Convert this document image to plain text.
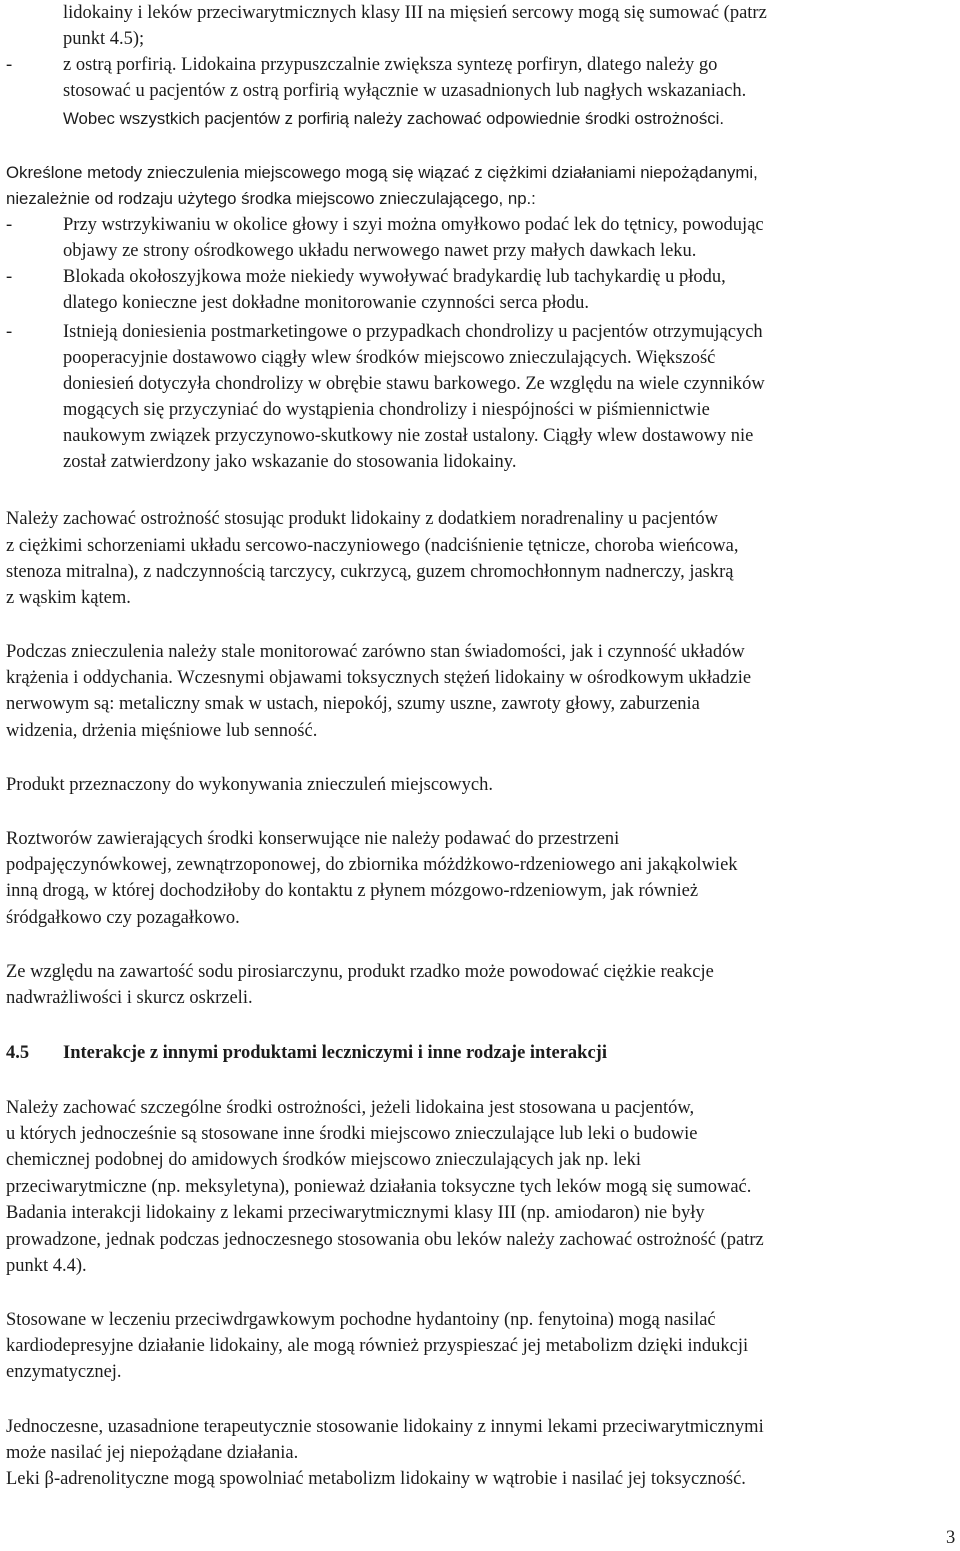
lidokainy i leków przeciwarytmicznych klasy III na mięsień sercowy mogą się sumować (patrz
punkt 4.5);
-	z ostrą porfirią. Lidokaina przypuszczalnie zwiększa syntezę porfiryn, dlatego należy go
stosować u pacjentów z ostrą porfirią wyłącznie w uzasadnionych lub nagłych wskazaniach.
Wobec wszystkich pacjentów z porfirią należy zachować odpowiednie środki ostrożności.
Określone metody znieczulenia miejscowego mogą się wiązać z ciężkimi działaniami niepożądanymi,
niezależnie od rodzaju użytego środka miejscowo znieczulającego, np.:
-	Przy wstrzykiwaniu w okolice głowy i szyi można omyłkowo podać lek do tętnicy, powodując
objawy ze strony ośrodkowego układu nerwowego nawet przy małych dawkach leku.
-	Blokada okołoszyjkowa może niekiedy wywoływać bradykardię lub tachykardię u płodu,
dlatego konieczne jest dokładne monitorowanie czynności serca płodu.
-	Istnieją doniesienia postmarketingowe o przypadkach chondrolizy u pacjentów otrzymujących
pooperacyjnie dostawowo ciągły wlew środków miejscowo znieczulających. Większość
doniesień dotyczyła chondrolizy w obrębie stawu barkowego. Ze względu na wiele czynników
mogących się przyczyniać do wystąpienia chondrolizy i niespójności w piśmiennictwie
naukowym związek przyczynowo-skutkowy nie został ustalony. Ciągły wlew dostawowy nie
został zatwierdzony jako wskazanie do stosowania lidokainy.
Należy zachować ostrożność stosując produkt lidokainy z dodatkiem noradrenaliny u pacjentów
z ciężkimi schorzeniami układu sercowo-naczyniowego (nadciśnienie tętnicze, choroba wieńcowa,
stenoza mitralna), z nadczynnością tarczycy, cukrzycą, guzem chromochłonnym nadnerczy, jaskrą
z wąskim kątem.
Podczas znieczulenia należy stale monitorować zarówno stan świadomości, jak i czynność układów
krążenia i oddychania. Wczesnymi objawami toksycznych stężeń lidokainy w ośrodkowym układzie
nerwowym są: metaliczny smak w ustach, niepokój, szumy uszne, zawroty głowy, zaburzenia
widzenia, drżenia mięśniowe lub senność.
Produkt przeznaczony do wykonywania znieczuleń miejscowych.
Roztworów zawierających środki konserwujące nie należy podawać do przestrzeni
podpajęczynówkowej, zewnątrzoponowej, do zbiornika móżdżkowo-rdzeniowego ani jakąkolwiek
inną drogą, w której dochodziłoby do kontaktu z płynem mózgowo-rdzeniowym, jak również
śródgałkowo czy pozagałkowo.
Ze względu na zawartość sodu pirosiarczynu, produkt rzadko może powodować ciężkie reakcje
nadwrażliwości i skurcz oskrzeli.
4.5 Interakcje z innymi produktami leczniczymi i inne rodzaje interakcji
Należy zachować szczególne środki ostrożności, jeżeli lidokaina jest stosowana u pacjentów,
u których jednocześnie są stosowane inne środki miejscowo znieczulające lub leki o budowie
chemicznej podobnej do amidowych środków miejscowo znieczulających jak np. leki
przeciwarytmiczne (np. meksyletyna), ponieważ działania toksyczne tych leków mogą się sumować.
Badania interakcji lidokainy z lekami przeciwarytmicznymi klasy III (np. amiodaron) nie były
prowadzone, jednak podczas jednoczesnego stosowania obu leków należy zachować ostrożność (patrz
punkt 4.4).
Stosowane w leczeniu przeciwdrgawkowym pochodne hydantoiny (np. fenytoina) mogą nasilać
kardiodepresyjne działanie lidokainy, ale mogą również przyspieszać jej metabolizm dzięki indukcji
enzymatycznej.
Jednoczesne, uzasadnione terapeutycznie stosowanie lidokainy z innymi lekami przeciwarytmicznymi
może nasilać jej niepożądane działania.
Leki β-adrenolityczne mogą spowolniać metabolizm lidokainy w wątrobie i nasilać jej toksyczność.
3
